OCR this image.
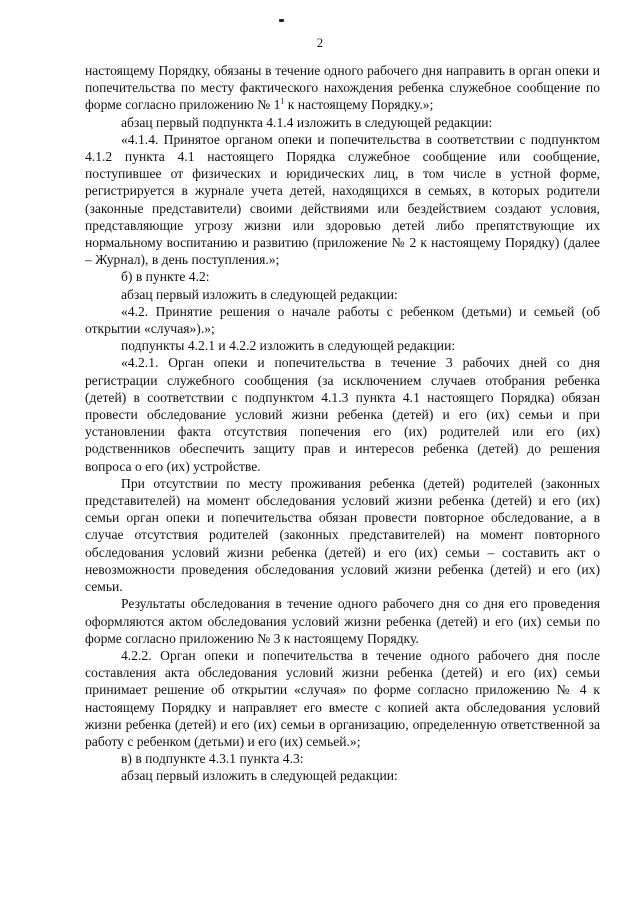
2

настоящему Порядку, обязаны в течение одного рабочего дня направить в орган опеки и попечительства по месту фактического нахождения ребенка служебное сообщение по форме согласно приложению № $1^1$ к настоящему Порядку.»;

абзац первый подпункта 4.1.4 изложить в следующей редакции:

«4.1.4. Принятое органом опеки и попечительства в соответствии с подпунктом 4.1.2 пункта 4.1 настоящего Порядка служебное сообщение или сообщение, поступившее от физических и юридических лиц, в том числе в устной форме, регистрируется в журнале учета детей, находящихся в семьях, в которых родители (законные представители) своими действиями или бездействием создают условия, представляющие угрозу жизни или здоровью детей либо препятствующие их нормальному воспитанию и развитию (приложение № 2 к настоящему Порядку) (далее – Журнал), в день поступления.»;

б) в пункте 4.2:

абзац первый изложить в следующей редакции:

«4.2. Принятие решения о начале работы с ребенком (детьми) и семьей (об открытии «случая»).»;

подпункты 4.2.1 и 4.2.2 изложить в следующей редакции:

«4.2.1. Орган опеки и попечительства в течение 3 рабочих дней со дня регистрации служебного сообщения (за исключением случаев отобрания ребенка (детей) в соответствии с подпунктом 4.1.3 пункта 4.1 настоящего Порядка) обязан провести обследование условий жизни ребенка (детей) и его (их) семьи и при установлении факта отсутствия попечения его (их) родителей или его (их) родственников обеспечить защиту прав и интересов ребенка (детей) до решения вопроса о его (их) устройстве.

При отсутствии по месту проживания ребенка (детей) родителей (законных представителей) на момент обследования условий жизни ребенка (детей) и его (их) семьи орган опеки и попечительства обязан провести повторное обследование, а в случае отсутствия родителей (законных представителей) на момент повторного обследования условий жизни ребенка (детей) и его (их) семьи – составить акт о невозможности проведения обследования условий жизни ребенка (детей) и его (их) семьи.

Результаты обследования в течение одного рабочего дня со дня его проведения оформляются актом обследования условий жизни ребенка (детей) и его (их) семьи по форме согласно приложению № 3 к настоящему Порядку.

4.2.2. Орган опеки и попечительства в течение одного рабочего дня после составления акта обследования условий жизни ребенка (детей) и его (их) семьи принимает решение об открытии «случая» по форме согласно приложению № 4 к настоящему Порядку и направляет его вместе с копией акта обследования условий жизни ребенка (детей) и его (их) семьи в организацию, определенную ответственной за работу с ребенком (детьми) и его (их) семьей.»;

в) в подпункте 4.3.1 пункта 4.3:

абзац первый изложить в следующей редакции:
